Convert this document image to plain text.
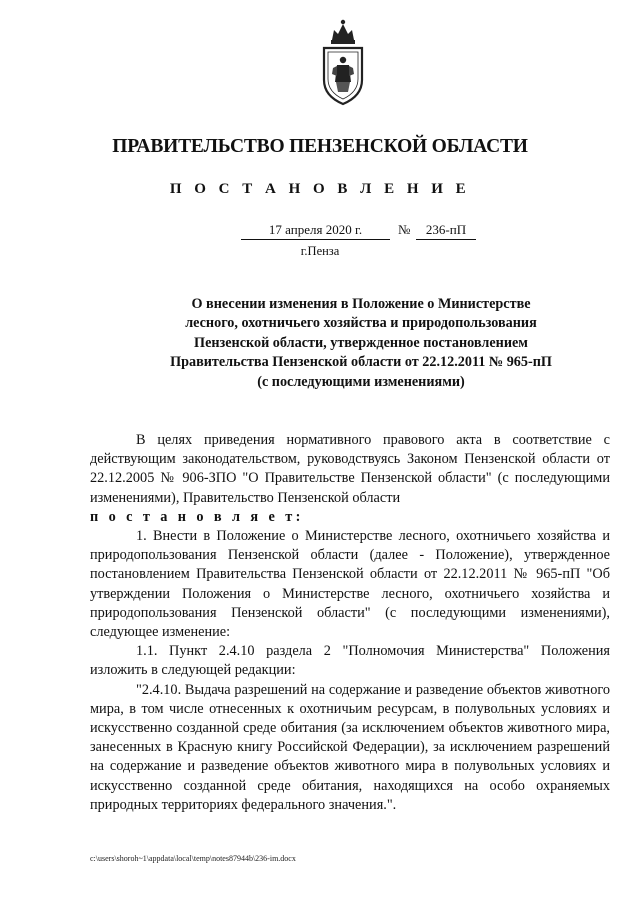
ПРАВИТЕЛЬСТВО ПЕНЗЕНСКОЙ ОБЛАСТИ
П О С Т А Н О В Л Е Н И Е
17 апреля 2020 г.	№	236-пП
г.Пенза
О внесении изменения в Положение о Министерстве
лесного, охотничьего хозяйства и природопользования
Пензенской области, утвержденное постановлением
Правительства Пензенской области от 22.12.2011 № 965-пП
(с последующими изменениями)

В целях приведения нормативного правового акта в соответствие с действующим законодательством, руководствуясь Законом Пензенской области от 22.12.2005 № 906-ЗПО "О Правительстве Пензенской области" (с последующими изменениями), Правительство Пензенской области

п о с т а н о в л я е т:

1. Внести в Положение о Министерстве лесного, охотничьего хозяйства и природопользования Пензенской области (далее - Положение), утвержденное постановлением Правительства Пензенской области от 22.12.2011 № 965-пП "Об утверждении Положения о Министерстве лесного, охотничьего хозяйства и природопользования Пензенской области" (с последующими изменениями), следующее изменение:

1.1. Пункт 2.4.10 раздела 2 "Полномочия Министерства" Положения изложить в следующей редакции:

"2.4.10. Выдача разрешений на содержание и разведение объектов животного мира, в том числе отнесенных к охотничьим ресурсам, в полувольных условиях и искусственно созданной среде обитания (за исключением объектов животного мира, занесенных в Красную книгу Российской Федерации), за исключением разрешений на содержание и разведение объектов животного мира в полувольных условиях и искусственно созданной среде обитания, находящихся на особо охраняемых природных территориях федерального значения.".

c:\users\shoroh~1\appdata\local\temp\notes87944b\236-im.docx
